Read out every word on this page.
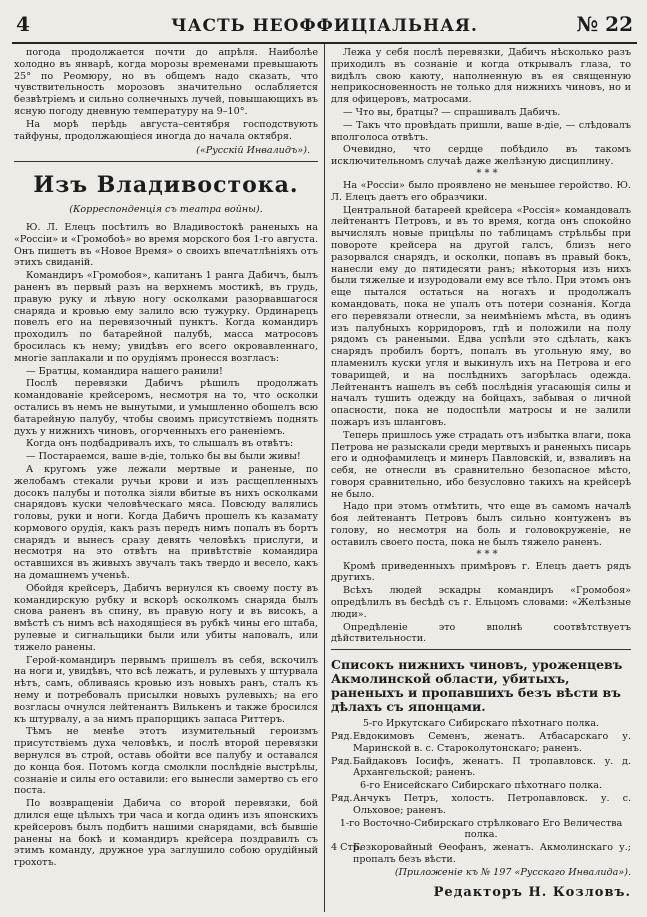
4	ЧАСТЬ НЕОФФИЦІАЛЬНАЯ.	№ 22

погода продолжается почти до апрѣля. Наиболѣе холодно въ январѣ, когда морозы временами превышають 25° по Реомюру, но въ общемъ надо сказать, что чувствительность морозовъ значительно ослабляется безвѣтріемъ и сильно солнечныхъ лучей, повышающихъ въ ясную погоду дневную температуру на 9–10°.

На морѣ перѣдь августа–сентября господствують тайфуны, продолжающіеся иногда до начала октября.

(«Русскій Инвалидъ»).

Изъ Владивостока.

(Корреспонденція съ театра войны).

Ю. Л. Елецъ посѣтилъ во Владивостокѣ раненыхъ на «Россіи» и «Громобоѣ» во время морского боя 1-го августа. Онъ пишетъ въ «Новое Время» о своихъ впечатлѣніяхъ отъ этихъ свиданій.

Командиръ «Громобоя», капитанъ 1 ранга Дабичъ, былъ раненъ въ первый разъ на верхнемъ мостикѣ, въ грудь, правую руку и лѣвую ногу осколками разорвавшагося снаряда и кровью ему залило всю тужурку. Ординарецъ повелъ его на перевязочный пунктъ. Когда командиръ проходилъ по батарейной палубѣ, масса матросовъ бросилась къ нему; увидѣвъ его всего окровавленнаго, многіе заплакали и по орудіямъ пронесся возгласъ:

— Братцы, командира нашего ранили!

Послѣ перевязки Дабичъ рѣшилъ продолжать командованіе крейсеромъ, несмотря на то, что осколки остались въ немъ не вынутыми, и умышленно обошелъ всю батарейную палубу, чтобы своимъ присутствіемъ поднять духъ у нижнихъ чиновъ, огорченныхъ его раненіемъ.

Когда онъ подбадривалъ ихъ, то слышалъ въ отвѣтъ:

— Постараемся, ваше в-діе, только бы вы были живы!

А кругомъ уже лежали мертвые и раненые, по желобамъ стекали ручьи крови и изъ расщепленныхъ досокъ палубы и потолка зіяли вбитые въ нихъ осколками снарядовъ куски человѣческаго мяса. Повсюду валялись головы, руки и ноги. Когда Дабичъ прошелъ къ казамату кормового орудія, какъ разъ передъ нимъ попалъ въ бортъ снарядъ и вынесъ сразу девять человѣкъ прислуги, и несмотря на это отвѣтъ на привѣтствіе командира оставшихся въ живыхъ звучалъ такъ твердо и весело, какъ на домашнемъ ученьѣ.

Обойдя крейсеръ, Дабичъ вернулся къ своему посту въ командирскую рубку и вскорѣ осколкомъ снаряда былъ снова раненъ въ спину, въ правую ногу и въ високъ, а вмѣстѣ съ нимъ всѣ находящіеся въ рубкѣ чины его штаба, рулевые и сигнальщики были или убиты наповалъ, или тяжело ранены.

Герой-командиръ первымъ пришелъ въ себя, вскочилъ на ноги и, увидѣвъ, что всѣ лежатъ, и рулевыхъ у штурвала нѣтъ, самъ, обливаясь кровью изъ новыхъ ранъ, сталъ къ нему и потребовалъ присылки новыхъ рулевыхъ; на его возгласы очнулся лейтенантъ Вилькенъ и также бросился къ штурвалу, а за нимъ прапорщикъ запаса Риттеръ.

Тѣмъ не менѣе этотъ изумительный героизмъ присутствіемъ духа человѣкъ, и послѣ второй перевязки вернулся въ строй, оставь обойти все палубу и оставался до конца боя. Потомъ когда смолкли послѣдніе выстрѣлы, сознаніе и силы его оставили: его вынесли замертво съ его поста.

По возвращеніи Дабича со второй перевязки, бой длился еще цѣлыхъ три часа и когда одинъ изъ японскихъ крейсеровъ былъ подбитъ нашими снарядами, всѣ бывшіе ранены на бокѣ и командиръ крейсера поздравилъ съ этимъ команду, дружное ура заглушило собою орудійный грохотъ.

Лежа у себя послѣ перевязки, Дабичъ нѣсколько разъ приходилъ въ сознаніе и когда открывалъ глаза, то видѣлъ свою каюту, наполненную въ ея священную неприкосновенность не только для нижнихъ чиновъ, но и для офицеровъ, матросами.

— Что вы, братцы? — спрашивалъ Дабичъ.

— Такъ что провѣдать пришли, ваше в-діе, — слѣдовалъ вполголоса отвѣтъ.

Очевидно, что сердце побѣдило въ такомъ исключительномъ случаѣ даже желѣзную дисциплину.

* * *

На «Россіи» было проявлено не меньшее геройство. Ю. Л. Елецъ даетъ его образчики.

Центральной батареей крейсера «Россія» командовалъ лейтенантъ Петровъ, и въ то время, когда онъ спокойно вычислялъ новые прицѣлы по таблицамъ стрѣльбы при повороте крейсера на другой галсъ, близъ него разорвался снарядъ, и осколки, попавъ въ правый бокъ, нанесли ему до пятидесяти ранъ; нѣкоторыя изъ нихъ были тяжелые и изуродовали ему все тѣло. При этомъ онъ еще пытался остаться на ногахъ и продолжалъ командовать, пока не упалъ отъ потери сознанія. Когда его перевязали отнесли, за неимѣніемъ мѣста, въ одинъ изъ палубныхъ корридоровъ, гдѣ и положили на полу рядомъ съ ранеными. Едва успѣли это сдѣлать, какъ снарядъ пробилъ бортъ, попалъ въ угольную яму, во пламенилъ куски угля и выкинулъ ихъ на Петрова и его товарищей, и на послѣднихъ загорѣлась одежда. Лейтенантъ нашелъ въ себѣ послѣднія угасающія силы и началъ тушить одежду на бойцахъ, забывая о личной опасности, пока не подоспѣли матросы и не залили пожаръ изъ шланговъ.

Теперь пришлось уже страдать отъ избытка влаги, пока Петрова не разыскали среди мертвыхъ и раненыхъ писарь его и однофамилецъ и минеръ Павловскій, и, взваливъ на себя, не отнесли въ сравнительно безопасное мѣсто, говоря сравнительно, ибо безусловно такихъ на крейсерѣ не было.

Надо при этомъ отмѣтить, что еще въ самомъ началѣ боя лейтенантъ Петровъ былъ сильно контуженъ въ голову, но несмотря на боль и головокруженіе, не оставилъ своего поста, пока не былъ тяжело раненъ.

* * *

Кромѣ приведенныхъ примѣровъ г. Елецъ даетъ рядъ другихъ.

Всѣхъ людей эскадры командиръ «Громобоя» опредѣлилъ въ бесѣдѣ съ г. Ельцомъ словами: «Желѣзные люди».

Опредѣленіе это вполнѣ соотвѣтствуетъ дѣйствительности.

Списокъ нижнихъ чиновъ, уроженцевъ Акмолинской области, убитыхъ, раненыхъ и пропавшихъ безъ вѣсти въ дѣлахъ съ японцами.

5-го Иркутскаго Сибирскаго пѣхотнаго полка.

Ряд. Евдокимовъ Семенъ, женатъ. Атбасарскаго у. Маринской в. с. Староколутонскаго; раненъ.

Ряд. Байдаковъ Іосифъ, женатъ. П тропавловск. у. д. Архангельской; раненъ.

6-го Енисейскаго Сибирскаго пѣхотнаго полка.

Ряд. Анчукъ Петръ, холостъ. Петропавловск. у. с. Ольховое; раненъ.

1-го Восточно-Сибирскаго стрѣлковаго Его Величества полка.

4 Стр.
Безкоровайный Ѳеофанъ, женатъ. Акмолинскаго у.; пропалъ безъ вѣсти.

(Приложеніе къ № 197 «Русскаго Инвалида»).

Редакторъ Н. Козловъ.
